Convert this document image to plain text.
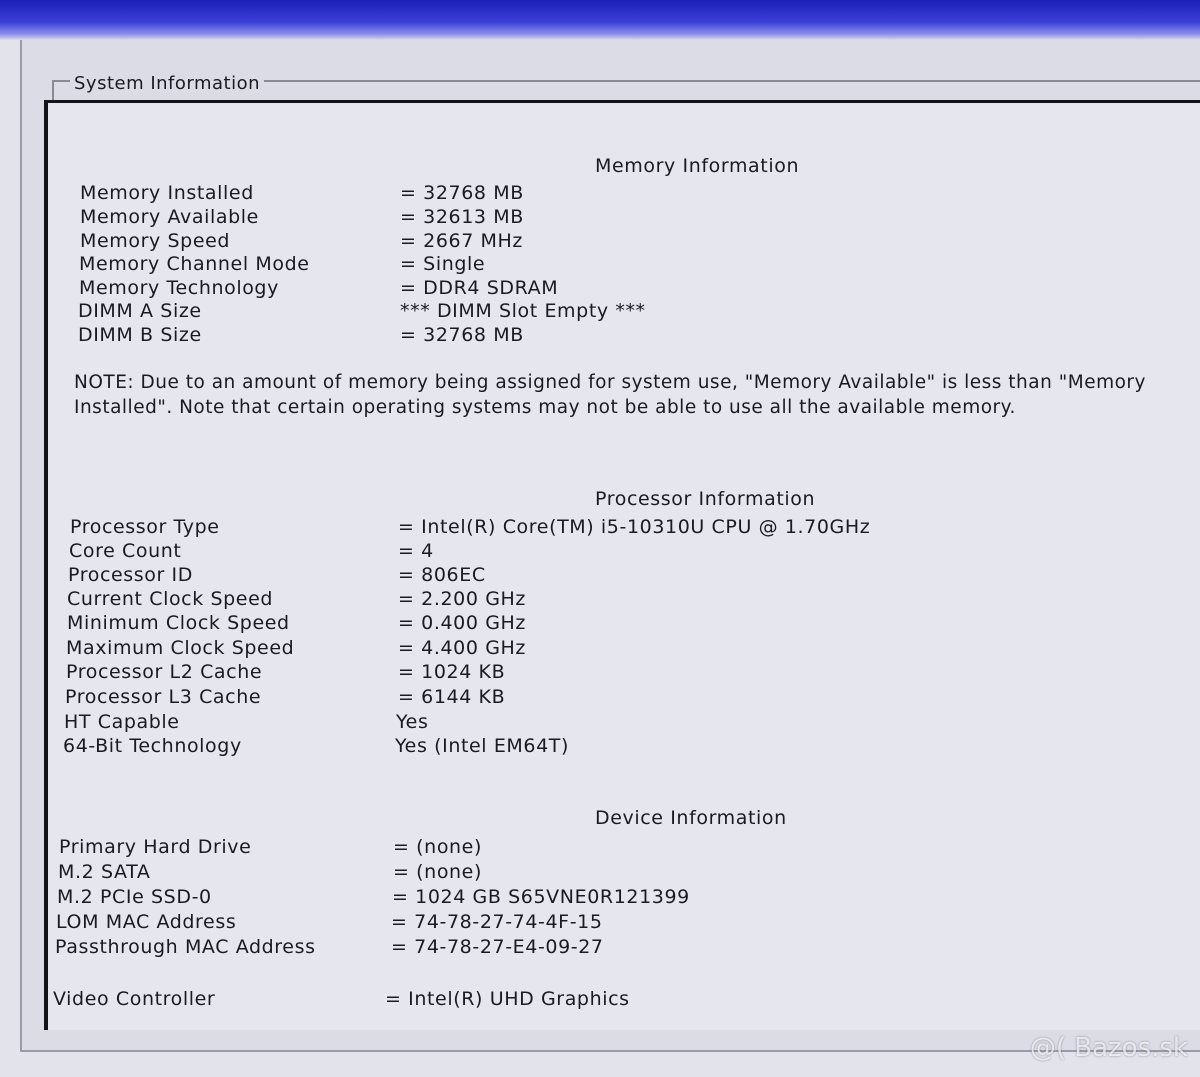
System Information
Memory Information
Memory Installed	= 32768 MB
Memory Available	= 32613 MB
Memory Speed	= 2667 MHz
Memory Channel Mode	= Single
Memory Technology	= DDR4 SDRAM
DIMM A Size	*** DIMM Slot Empty ***
DIMM B Size	= 32768 MB
NOTE: Due to an amount of memory being assigned for system use, "Memory Available" is less than "Memory Installed". Note that certain operating systems may not be able to use all the available memory.
Processor Information
Processor Type	= Intel(R) Core(TM) i5-10310U CPU @ 1.70GHz
Core Count	= 4
Processor ID	= 806EC
Current Clock Speed	= 2.200 GHz
Minimum Clock Speed	= 0.400 GHz
Maximum Clock Speed	= 4.400 GHz
Processor L2 Cache	= 1024 KB
Processor L3 Cache	= 6144 KB
HT Capable	Yes
64-Bit Technology	Yes (Intel EM64T)
Device Information
Primary Hard Drive	= (none)
M.2 SATA	= (none)
M.2 PCIe SSD-0	= 1024 GB S65VNE0R121399
LOM MAC Address	= 74-78-27-74-4F-15
Passthrough MAC Address	= 74-78-27-E4-09-27
Video Controller	= Intel(R) UHD Graphics
@( Bazos.sk
